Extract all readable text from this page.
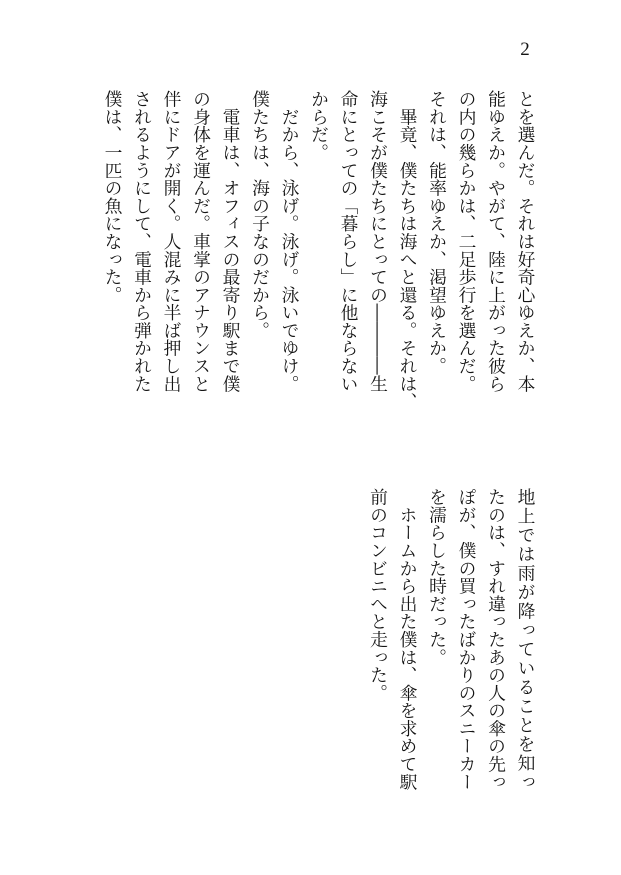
2
とを選んだ。それは好奇心ゆえか、本
能ゆえか。やがて、陸に上がった彼ら
の内の幾らかは、二足歩行を選んだ。
それは、能率ゆえか、渇望ゆえか。
　畢竟、僕たちは海へと還る。それは、
海こそが僕たちにとっての――――生
命にとっての「暮らし」に他ならない
からだ。
　だから、泳げ。泳げ。泳いでゆけ。
僕たちは、海の子なのだから。
　電車は、オフィスの最寄り駅まで僕
の身体を運んだ。車掌のアナウンスと
伴にドアが開く。人混みに半ば押し出
されるようにして、電車から弾かれた
僕は、一匹の魚になった。
地上では雨が降っていることを知っ
たのは、すれ違ったあの人の傘の先っ
ぽが、僕の買ったばかりのスニーカー
を濡らした時だった。
　ホームから出た僕は、傘を求めて駅
前のコンビニへと走った。
